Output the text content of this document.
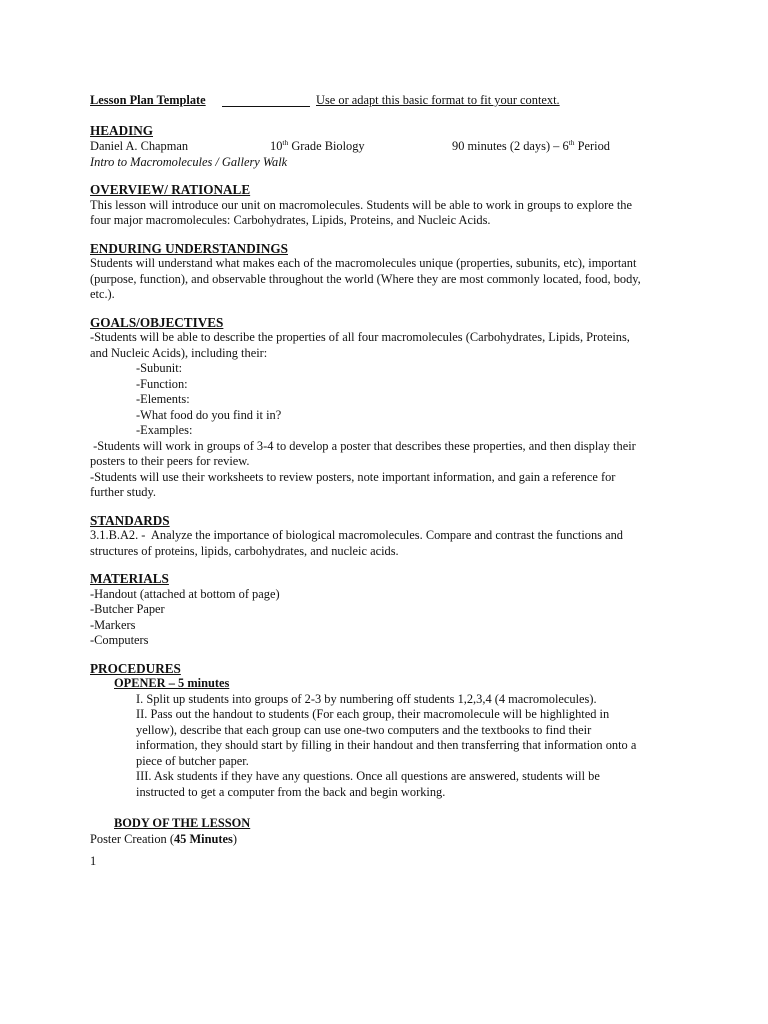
Lesson Plan Template	Use or adapt this basic format to fit your context.
HEADING
Daniel A. Chapman	10th Grade Biology	90 minutes (2 days) – 6th Period

Intro to Macromolecules / Gallery Walk

OVERVIEW/ RATIONALE

This lesson will introduce our unit on macromolecules. Students will be able to work in groups to explore the four major macromolecules: Carbohydrates, Lipids, Proteins, and Nucleic Acids.

ENDURING UNDERSTANDINGS

Students will understand what makes each of the macromolecules unique (properties, subunits, etc), important (purpose, function), and observable throughout the world (Where they are most commonly located, food, body, etc.).

GOALS/OBJECTIVES

-Students will be able to describe the properties of all four macromolecules (Carbohydrates, Lipids, Proteins, and Nucleic Acids), including their:

-Subunit:

-Function:

-Elements:

-What food do you find it in?

-Examples:

-Students will work in groups of 3-4 to develop a poster that describes these properties, and then display their posters to their peers for review.

-Students will use their worksheets to review posters, note important information, and gain a reference for further study.

STANDARDS

3.1.B.A2. -  Analyze the importance of biological macromolecules. Compare and contrast the functions and structures of proteins, lipids, carbohydrates, and nucleic acids.

MATERIALS

-Handout (attached at bottom of page)

-Butcher Paper

-Markers

-Computers

PROCEDURES
OPENER – 5 minutes

I. Split up students into groups of 2-3 by numbering off students 1,2,3,4 (4 macromolecules).

II. Pass out the handout to students (For each group, their macromolecule will be highlighted in yellow), describe that each group can use one-two computers and the textbooks to find their information, they should start by filling in their handout and then transferring that information onto a piece of butcher paper.

III. Ask students if they have any questions. Once all questions are answered, students will be instructed to get a computer from the back and begin working.

BODY OF THE LESSON

Poster Creation (45 Minutes)

1
